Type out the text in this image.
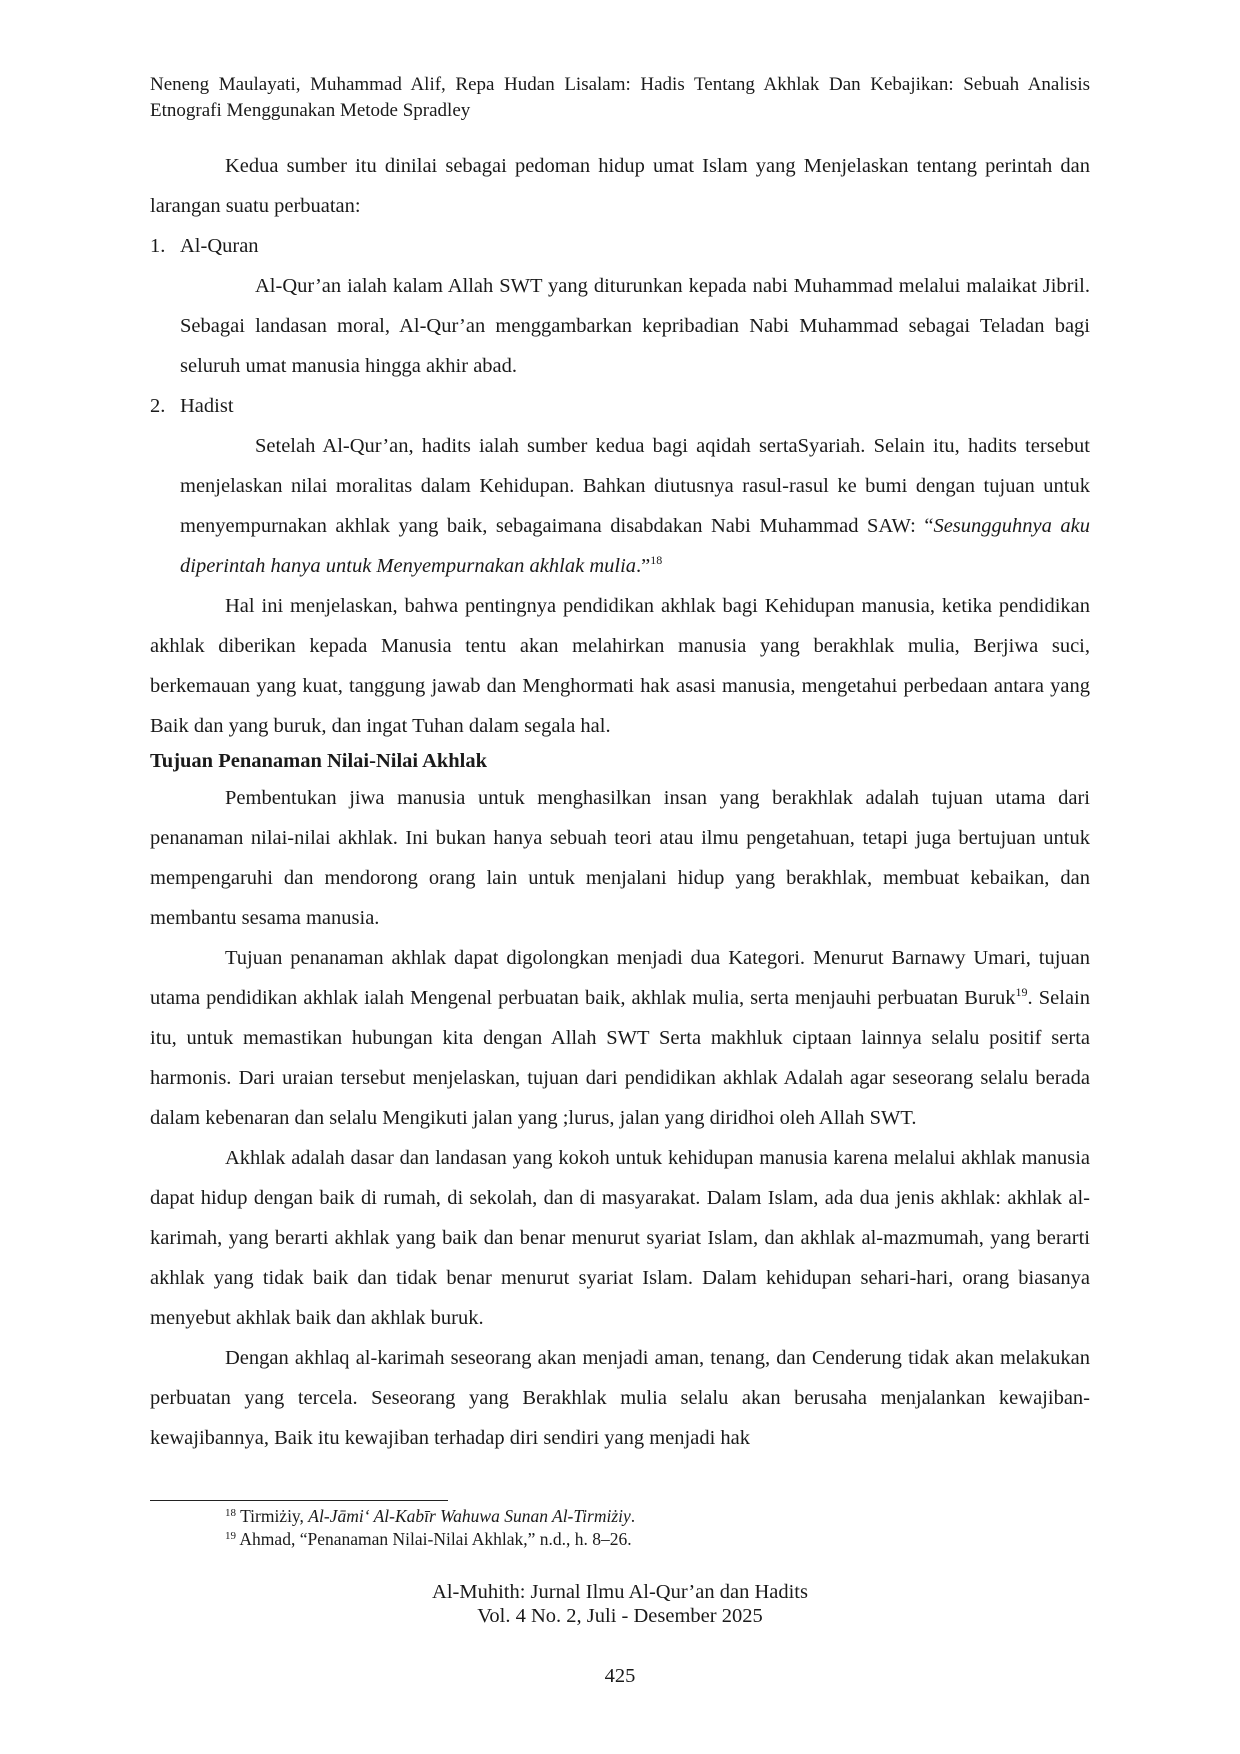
Neneng Maulayati, Muhammad Alif, Repa Hudan Lisalam: Hadis Tentang Akhlak Dan Kebajikan: Sebuah Analisis Etnografi Menggunakan Metode Spradley

Kedua sumber itu dinilai sebagai pedoman hidup umat Islam yang Menjelaskan tentang perintah dan larangan suatu perbuatan:

1. Al-Quran

Al-Qur’an ialah kalam Allah SWT yang diturunkan kepada nabi Muhammad melalui malaikat Jibril. Sebagai landasan moral, Al-Qur’an menggambarkan kepribadian Nabi Muhammad sebagai Teladan bagi seluruh umat manusia hingga akhir abad.

2. Hadist

Setelah Al-Qur’an, hadits ialah sumber kedua bagi aqidah sertaSyariah. Selain itu, hadits tersebut menjelaskan nilai moralitas dalam Kehidupan. Bahkan diutusnya rasul-rasul ke bumi dengan tujuan untuk menyempurnakan akhlak yang baik, sebagaimana disabdakan Nabi Muhammad SAW: “Sesungguhnya aku diperintah hanya untuk Menyempurnakan akhlak mulia.”$^{18}$

Hal ini menjelaskan, bahwa pentingnya pendidikan akhlak bagi Kehidupan manusia, ketika pendidikan akhlak diberikan kepada Manusia tentu akan melahirkan manusia yang berakhlak mulia, Berjiwa suci, berkemauan yang kuat, tanggung jawab dan Menghormati hak asasi manusia, mengetahui perbedaan antara yang Baik dan yang buruk, dan ingat Tuhan dalam segala hal.

Tujuan Penanaman Nilai-Nilai Akhlak

Pembentukan jiwa manusia untuk menghasilkan insan yang berakhlak adalah tujuan utama dari penanaman nilai-nilai akhlak. Ini bukan hanya sebuah teori atau ilmu pengetahuan, tetapi juga bertujuan untuk mempengaruhi dan mendorong orang lain untuk menjalani hidup yang berakhlak, membuat kebaikan, dan membantu sesama manusia.

Tujuan penanaman akhlak dapat digolongkan menjadi dua Kategori. Menurut Barnawy Umari, tujuan utama pendidikan akhlak ialah Mengenal perbuatan baik, akhlak mulia, serta menjauhi perbuatan Buruk$^{19}$. Selain itu, untuk memastikan hubungan kita dengan Allah SWT Serta makhluk ciptaan lainnya selalu positif serta harmonis. Dari uraian tersebut menjelaskan, tujuan dari pendidikan akhlak Adalah agar seseorang selalu berada dalam kebenaran dan selalu Mengikuti jalan yang ;lurus, jalan yang diridhoi oleh Allah SWT.

Akhlak adalah dasar dan landasan yang kokoh untuk kehidupan manusia karena melalui akhlak manusia dapat hidup dengan baik di rumah, di sekolah, dan di masyarakat. Dalam Islam, ada dua jenis akhlak: akhlak al-karimah, yang berarti akhlak yang baik dan benar menurut syariat Islam, dan akhlak al-mazmumah, yang berarti akhlak yang tidak baik dan tidak benar menurut syariat Islam. Dalam kehidupan sehari-hari, orang biasanya menyebut akhlak baik dan akhlak buruk.

Dengan akhlaq al-karimah seseorang akan menjadi aman, tenang, dan Cenderung tidak akan melakukan perbuatan yang tercela. Seseorang yang Berakhlak mulia selalu akan berusaha menjalankan kewajiban-kewajibannya, Baik itu kewajiban terhadap diri sendiri yang menjadi hak

$^{18}$ Tirmiżiy, Al-Jāmi‘ Al-Kabīr Wahuwa Sunan Al-Tirmiżiy.
$^{19}$ Ahmad, “Penanaman Nilai-Nilai Akhlak,” n.d., h. 8–26.
Al-Muhith: Jurnal Ilmu Al-Qur’an dan Hadits
Vol. 4 No. 2, Juli - Desember 2025
425
